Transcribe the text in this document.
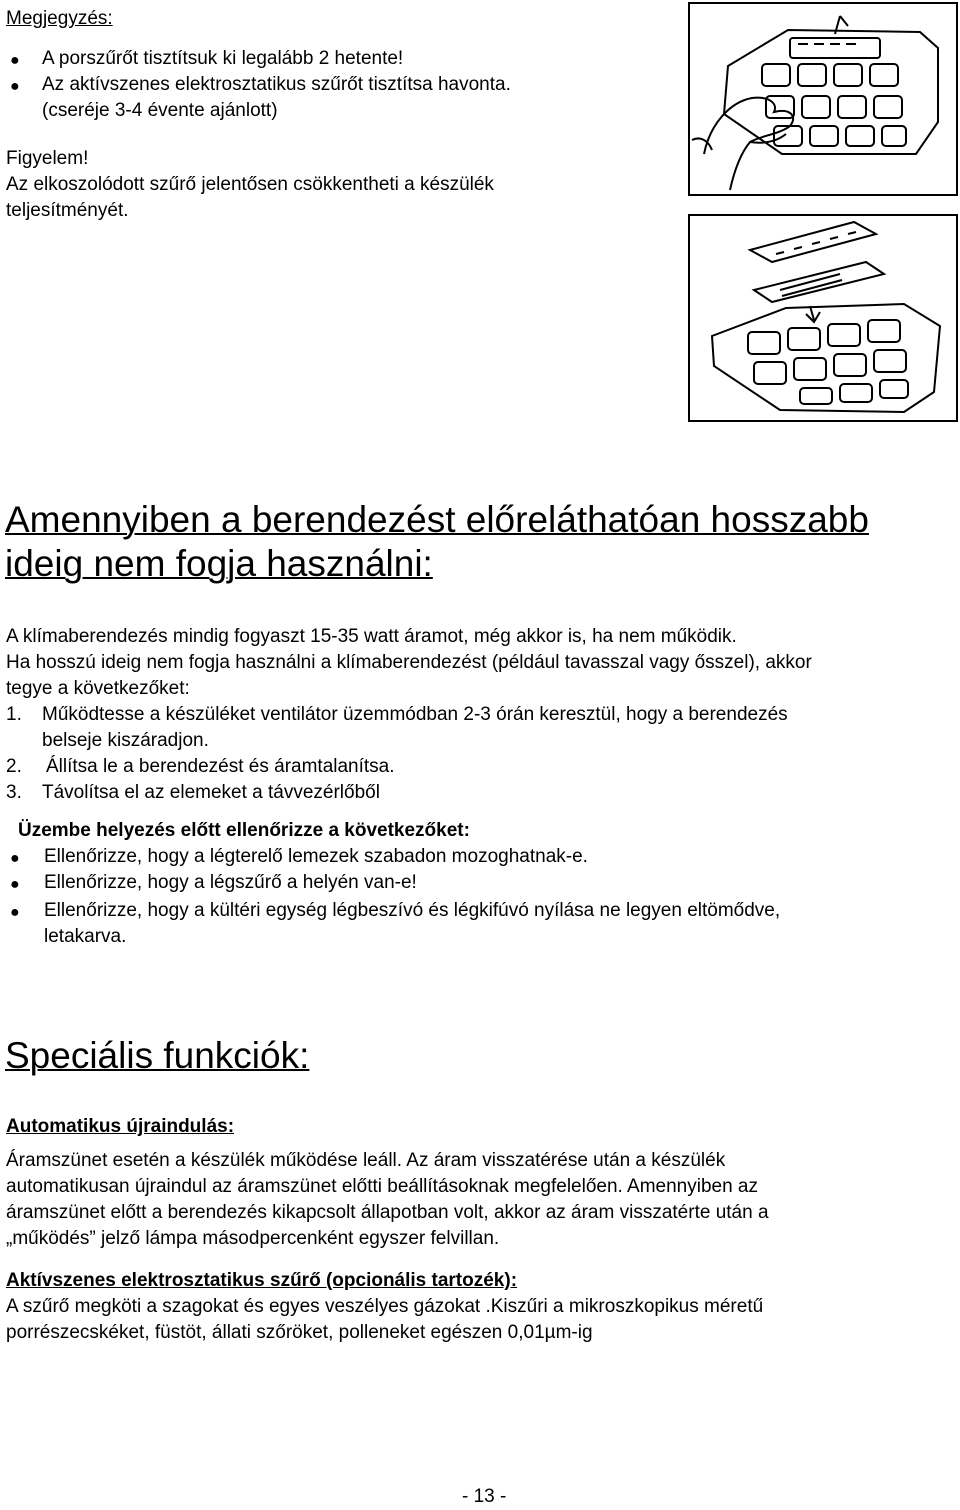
Megjegyzés:
● A porszűrőt tisztítsuk ki legalább 2 hetente!
● Az aktívszenes elektrosztatikus szűrőt tisztítsa havonta.
(cseréje 3-4 évente ajánlott)
Figyelem!
Az elkoszolódott szűrő jelentősen csökkentheti a készülék
teljesítményét.
Amennyiben a berendezést előreláthatóan hosszabb
ideig nem fogja használni:
A klímaberendezés mindig fogyaszt 15-35 watt áramot, még akkor is, ha nem működik.
Ha hosszú ideig nem fogja használni a klímaberendezést (például tavasszal vagy ősszel), akkor
tegye a következőket:
1. Működtesse a készüléket ventilátor üzemmódban 2-3 órán keresztül, hogy a berendezés
belseje kiszáradjon.
2. Állítsa le a berendezést és áramtalanítsa.
3. Távolítsa el az elemeket a távvezérlőből
Üzembe helyezés előtt ellenőrizze a következőket:
● Ellenőrizze, hogy a légterelő lemezek szabadon mozoghatnak-e.
● Ellenőrizze, hogy a légszűrő a helyén van-e!
● Ellenőrizze, hogy a kültéri egység légbeszívó és légkifúvó nyílása ne legyen eltömődve,
letakarva.
Speciális funkciók:
Automatikus újraindulás:
Áramszünet esetén a készülék működése leáll. Az áram visszatérése után a készülék
automatikusan újraindul az áramszünet előtti beállításoknak megfelelően. Amennyiben az
áramszünet előtt a berendezés kikapcsolt állapotban volt, akkor az áram visszatérte után a
„működés” jelző lámpa másodpercenként egyszer felvillan.
Aktívszenes elektrosztatikus szűrő (opcionális tartozék):
A szűrő megköti a szagokat és egyes veszélyes gázokat .Kiszűri a mikroszkopikus méretű
porrészecskéket, füstöt, állati szőröket, polleneket egészen 0,01µm-ig
- 13 -
